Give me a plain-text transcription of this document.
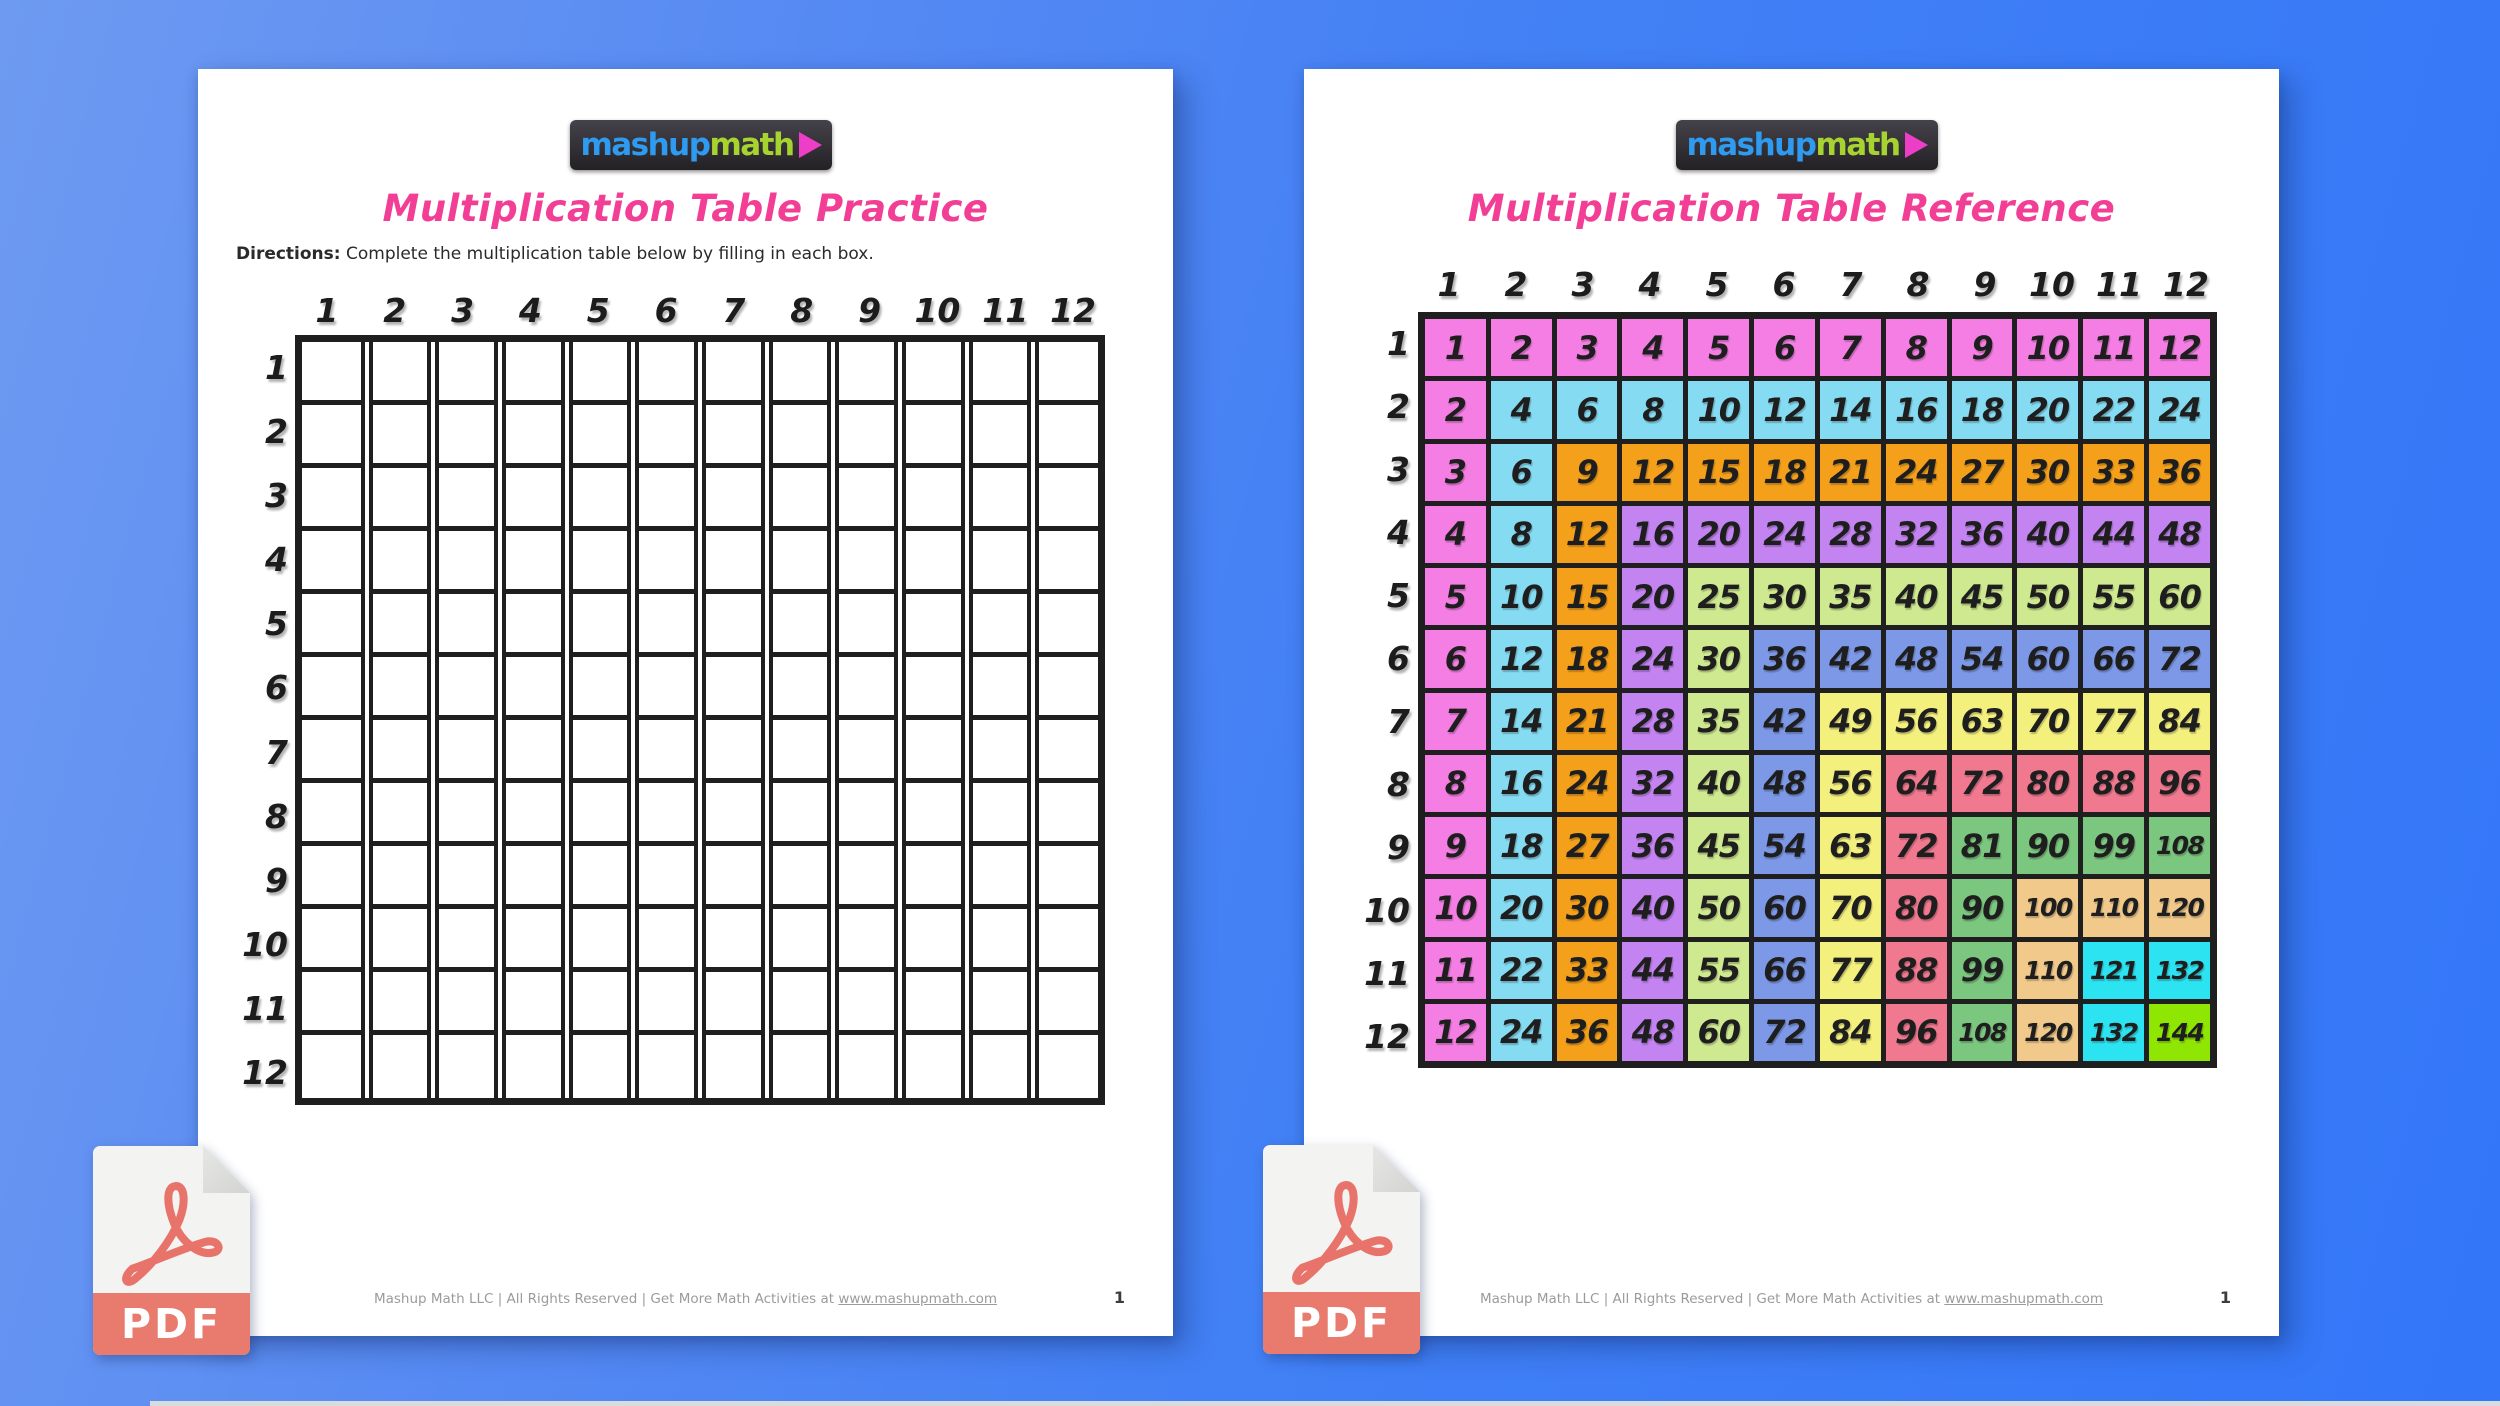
mashup math
Multiplication Table Practice
Directions: Complete the multiplication table below by filling in each box.
1	2	3	4	5	6	7	8	9	10 11 12
1
2
3
4
5
6
7
8
9
10
11
12
Mashup Math LLC | All Rights Reserved | Get More Math Activities at www.mashupmath.com	1
mashup math
Multiplication Table Reference
1	2	3	4	5	6	7	8	9 10 11 12
1
2
3
4
5
6
7
8
9
10
11
12
1	2	3	4	5	6	7	8	9	10 11 12
2	4	6	8	10 12 14 16 18 20 22 24
3	6	9	12 15 18 21 24 27 30 33 36
4	8	12 16 20 24 28 32 36 40 44 48
5	10 15 20 25 30 35 40 45 50 55 60
6	12 18 24 30 36 42 48 54 60 66 72
7	14 21 28 35 42 49 56 63 70 77 84
8	16 24 32 40 48 56 64 72 80 88 96
9	18 27 36 45 54 63 72 81 90 99 108
10 20 30 40 50 60 70 80 90 100 110 120
11 22 33 44 55 66 77 88 99 110 121 132
12 24 36 48 60 72 84 96 108 120 132 144
Mashup Math LLC | All Rights Reserved | Get More Math Activities at www.mashupmath.com	1
PDF	PDF
